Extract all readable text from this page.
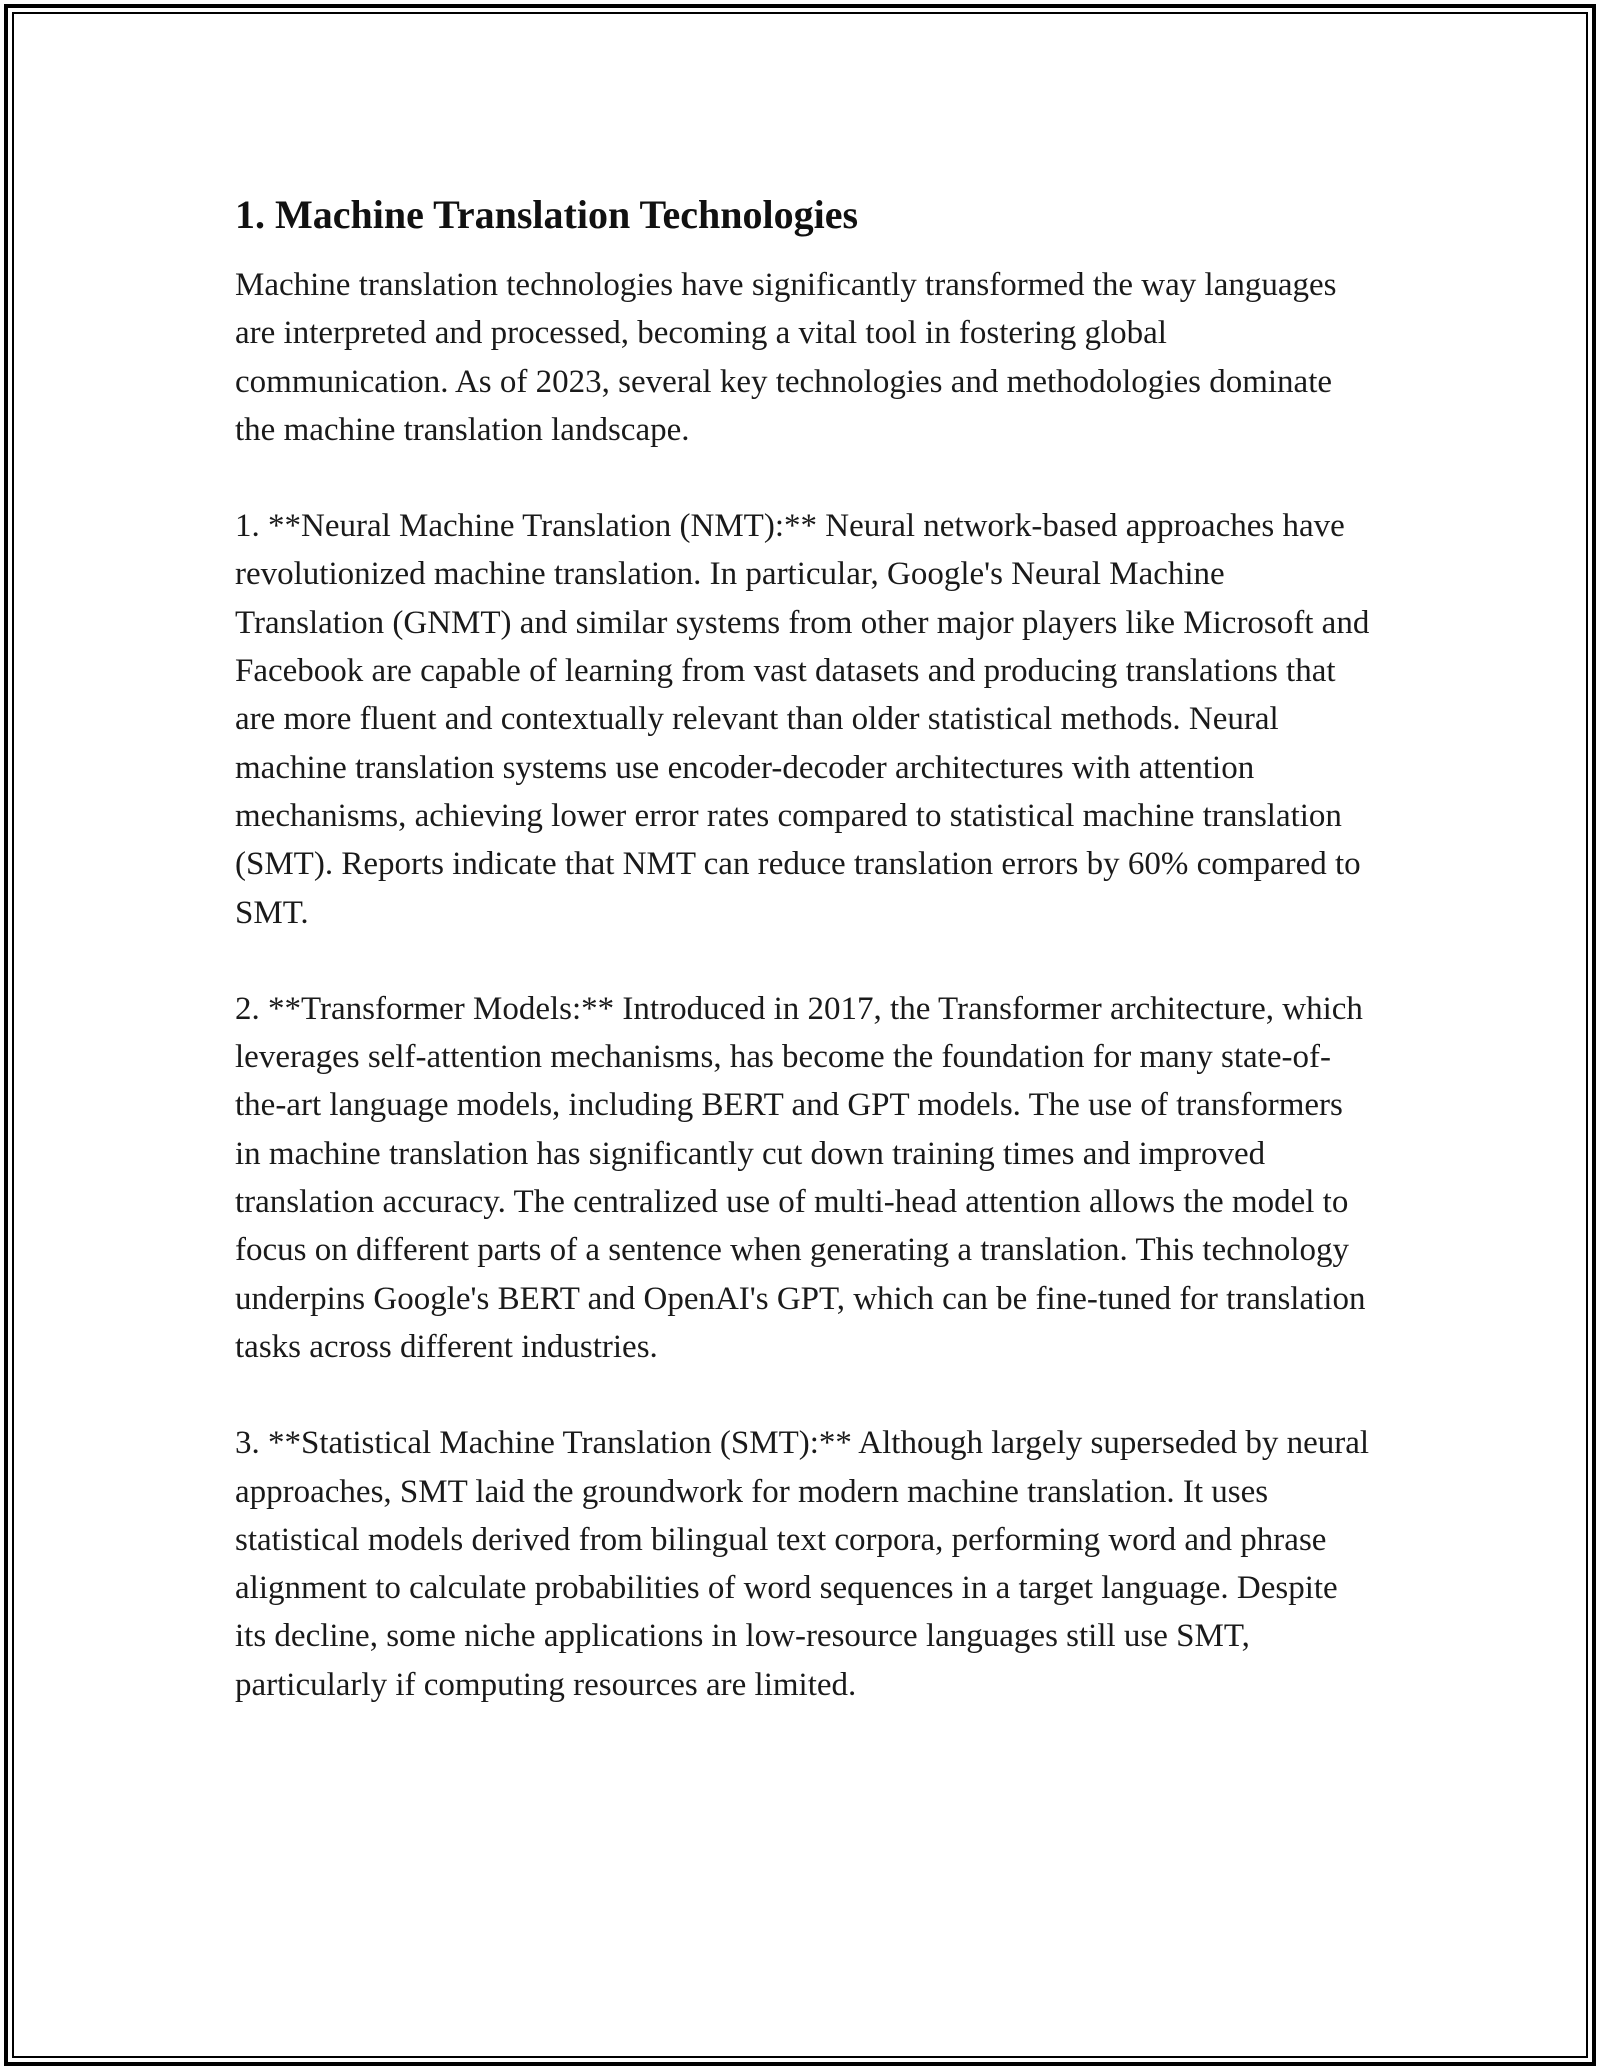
1. Machine Translation Technologies

Machine translation technologies have significantly transformed the way languages are interpreted and processed, becoming a vital tool in fostering global communication. As of 2023, several key technologies and methodologies dominate the machine translation landscape.

1. **Neural Machine Translation (NMT):** Neural network-based approaches have revolutionized machine translation. In particular, Google's Neural Machine Translation (GNMT) and similar systems from other major players like Microsoft and Facebook are capable of learning from vast datasets and producing translations that are more fluent and contextually relevant than older statistical methods. Neural machine translation systems use encoder-decoder architectures with attention mechanisms, achieving lower error rates compared to statistical machine translation (SMT). Reports indicate that NMT can reduce translation errors by 60% compared to SMT.

2. **Transformer Models:** Introduced in 2017, the Transformer architecture, which leverages self-attention mechanisms, has become the foundation for many state-of-the-art language models, including BERT and GPT models. The use of transformers in machine translation has significantly cut down training times and improved translation accuracy. The centralized use of multi-head attention allows the model to focus on different parts of a sentence when generating a translation. This technology underpins Google's BERT and OpenAI's GPT, which can be fine-tuned for translation tasks across different industries.

3. **Statistical Machine Translation (SMT):** Although largely superseded by neural approaches, SMT laid the groundwork for modern machine translation. It uses statistical models derived from bilingual text corpora, performing word and phrase alignment to calculate probabilities of word sequences in a target language. Despite its decline, some niche applications in low-resource languages still use SMT, particularly if computing resources are limited.
